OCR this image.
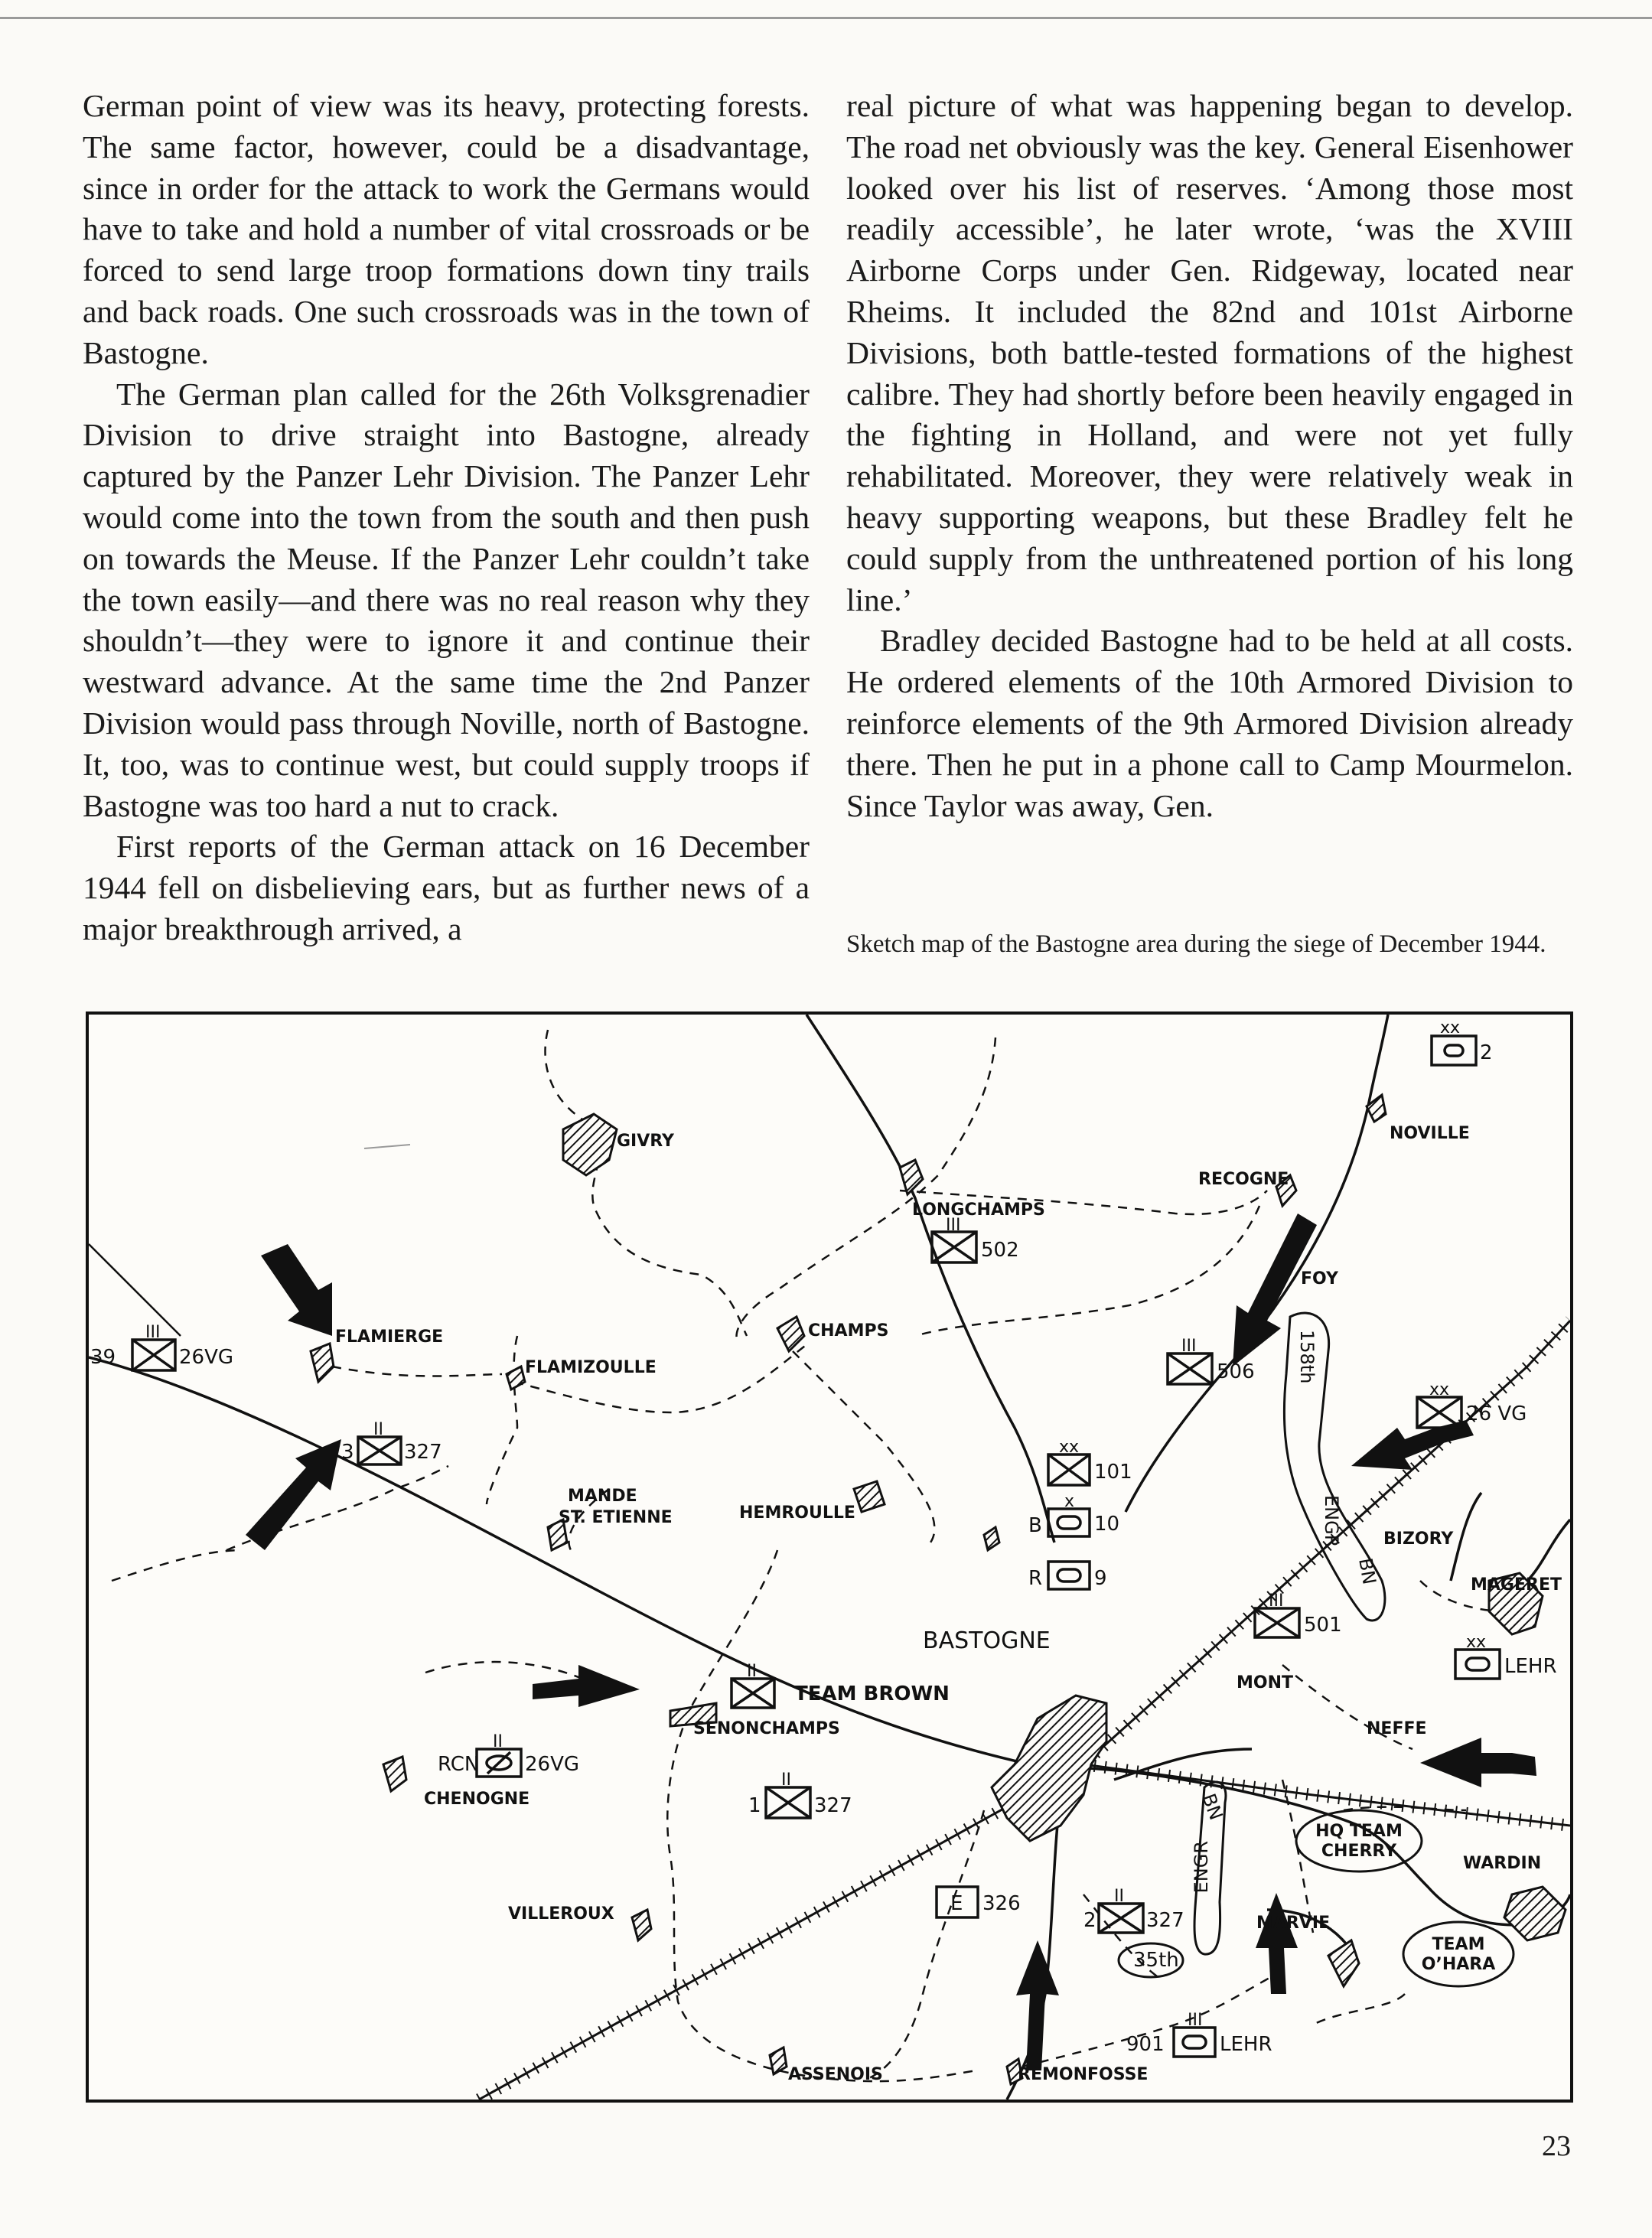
German point of view was its heavy, protecting forests. The same factor, however, could be a disadvantage, since in order for the attack to work the Germans would have to take and hold a number of vital crossroads or be forced to send large troop formations down tiny trails and back roads. One such crossroads was in the town of Bastogne.

The German plan called for the 26th Volksgrenadier Division to drive straight into Bastogne, already captured by the Panzer Lehr Division. The Panzer Lehr would come into the town from the south and then push on towards the Meuse. If the Panzer Lehr couldn’t take the town easily—and there was no real reason why they shouldn’t—they were to ignore it and continue their westward advance. At the same time the 2nd Panzer Division would pass through Noville, north of Bastogne. It, too, was to continue west, but could supply troops if Bastogne was too hard a nut to crack.

First reports of the German attack on 16 December 1944 fell on disbelieving ears, but as further news of a major breakthrough arrived, a

real picture of what was happening began to develop. The road net obviously was the key. General Eisenhower looked over his list of reserves. ‘Among those most readily accessible’, he later wrote, ‘was the XVIII Airborne Corps under Gen. Ridgeway, located near Rheims. It included the 82nd and 101st Airborne Divisions, both battle-tested formations of the highest calibre. They had shortly before been heavily engaged in the fighting in Holland, and were not yet fully rehabilitated. Moreover, they were relatively weak in heavy supporting weapons, but these Bradley felt he could supply from the unthreatened portion of his long line.’

Bradley decided Bastogne had to be held at all costs. He ordered elements of the 10th Armored Division to reinforce elements of the 9th Armored Division already there. Then he put in a phone call to Camp Mourmelon. Since Taylor was away, Gen.

Sketch map of the Bastogne area during the siege of December 1944.
xx
III
III
III
II
xx
x
xx
III
xx
II
II
II
II
III
2
502
506
39	26VG
3	327
101
B	10
R	9
26 VG
501
LEHR
RCN 26VG
1	327
E 326
2	327
901	LEHR
35th
158th
ENGR
BN
BN
ENGR
GIVRY	NOVILLE
RECOGNE
LONGCHAMPS
FOY
FLAMIERGE	CHAMPS
FLAMIZOULLE
MANDE
ST. ETIENNE	HEMROULLE
BIZORY
MAGERET
MONT
NEFFE
SENONCHAMPS
CHENOGNE
WARDIN
VILLEROUX	MARVIE
ASSENOIS	REMONFOSSE
TEAM BROWN
BASTOGNE
HQ TEAM
CHERRY
TEAM
O’HARA
23
